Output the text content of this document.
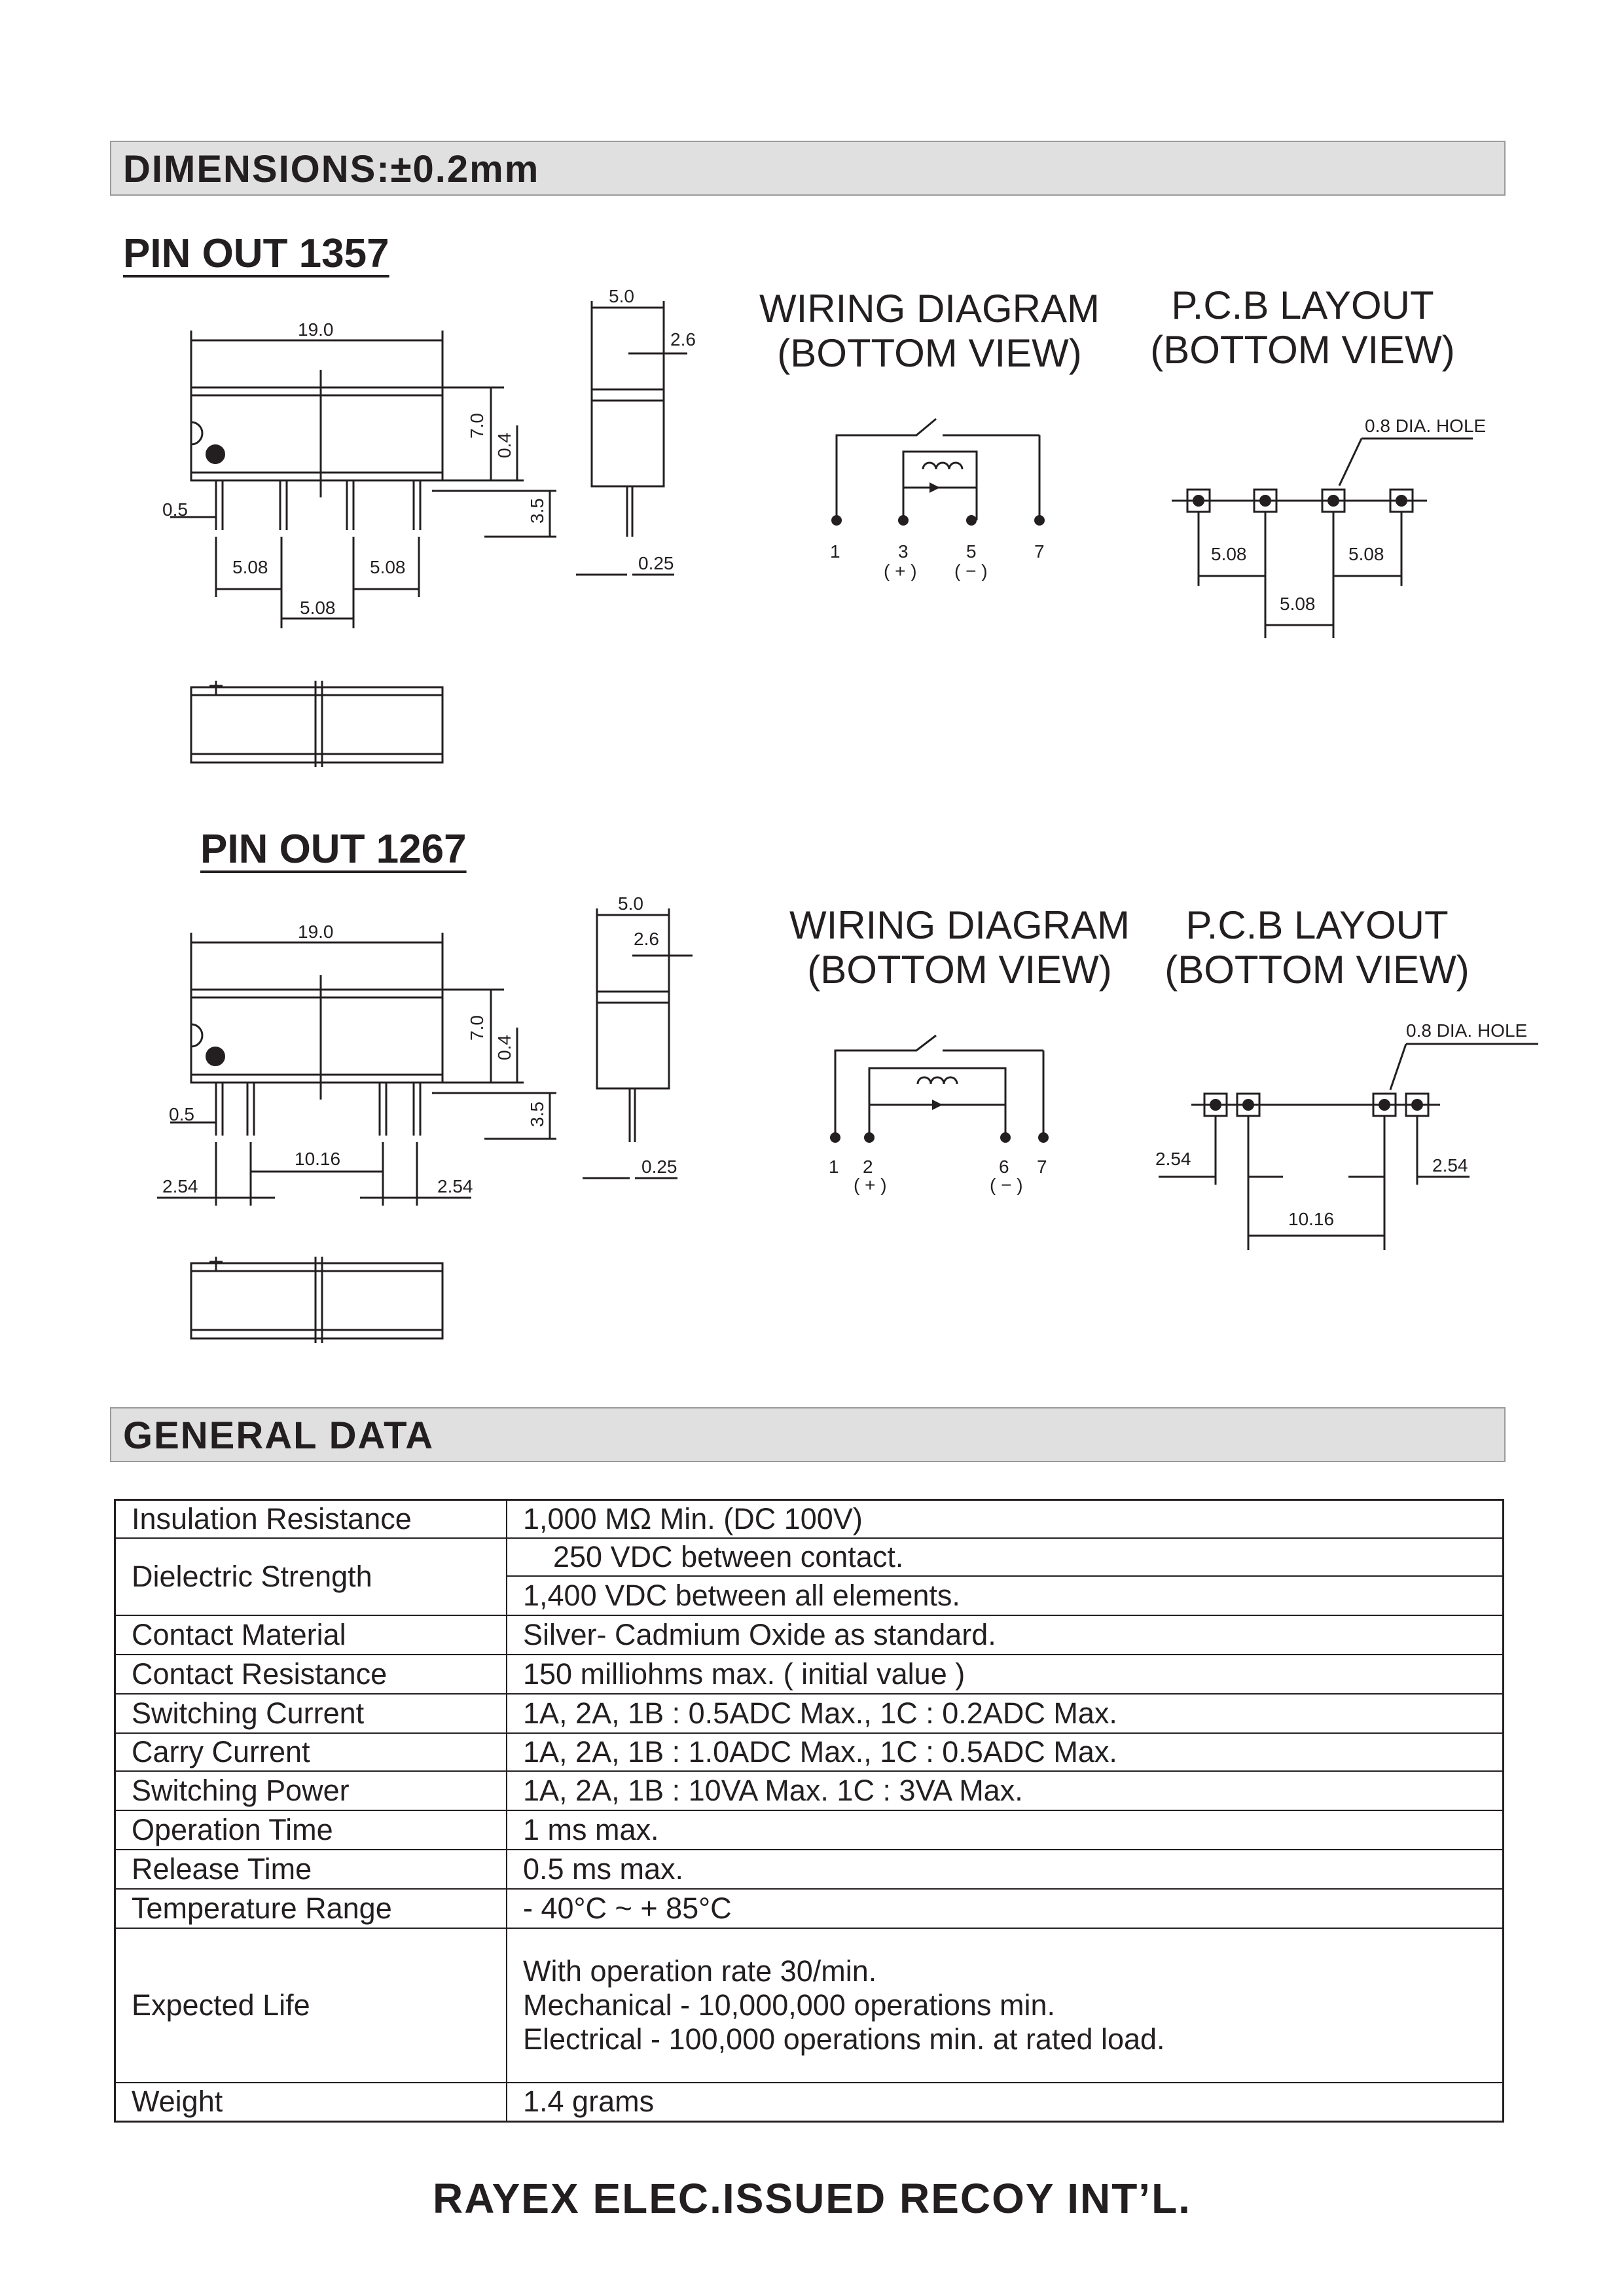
DIMENSIONS:±0.2mm
PIN OUT 1357
19.0
7.0
0.4
3.5
0.5
5.08	5.08
5.08
5.0
2.6
0.25
WIRING DIAGRAM
(BOTTOM VIEW)
1	3	5	7
( + ) ( − )
P.C.B LAYOUT
(BOTTOM VIEW)
0.8 DIA. HOLE
5.08	5.08
5.08
PIN OUT 1267
19.0
7.0
0.4
3.5
0.5
10.16
2.54	2.54
5.0
2.6
0.25
WIRING DIAGRAM
(BOTTOM VIEW)
1 2	6 7
( + )	( − )
P.C.B LAYOUT
(BOTTOM VIEW)
0.8 DIA. HOLE
2.54	2.54
10.16
GENERAL DATA
Insulation Resistance	1,000 MΩ Min. (DC 100V)
Dielectric Strength	250 VDC between contact.
	1,400 VDC between all elements.
Contact Material	Silver- Cadmium Oxide as standard.
Contact Resistance	150 milliohms max. ( initial value )
Switching Current	1A, 2A, 1B : 0.5ADC Max., 1C : 0.2ADC Max.
Carry Current	1A, 2A, 1B : 1.0ADC Max., 1C : 0.5ADC Max.
Switching Power	1A, 2A, 1B : 10VA Max. 1C : 3VA Max.
Operation Time	1 ms max.
Release Time	0.5 ms max.
Temperature Range	- 40°C ~ + 85°C
Expected Life	With operation rate 30/min.
Mechanical - 10,000,000 operations min.
Electrical - 100,000 operations min. at rated load.

Weight	1.4 grams
RAYEX ELEC.ISSUED RECOY INT’L.
